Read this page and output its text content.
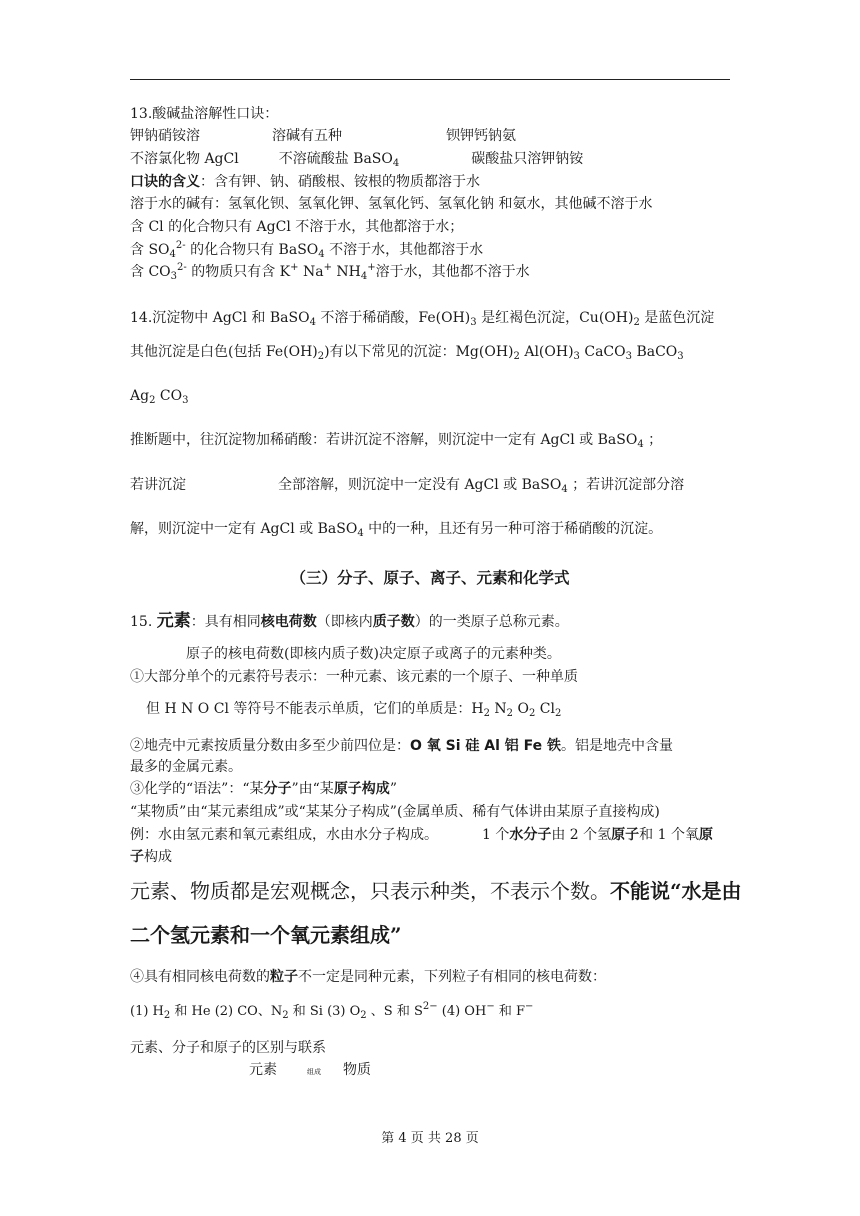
13.酸碱盐溶解性口诀：
钾钠硝铵溶	溶碱有五种	钡钾钙钠氨
不溶氯化物 AgCl	不溶硫酸盐 BaSO$_4$	碳酸盐只溶钾钠铵
口诀的含义：含有钾、钠、硝酸根、铵根的物质都溶于水
溶于水的碱有：氢氧化钡、氢氧化钾、氢氧化钙、氢氧化钠 和氨水，其他碱不溶于水
含 Cl 的化合物只有 AgCl 不溶于水，其他都溶于水；
含 $SO_4^{2-}$ 的化合物只有 BaSO$_4$ 不溶于水，其他都溶于水
含 $CO_3^{2-}$ 的物质只有含 K+ Na+ $NH_4^+$溶于水，其他都不溶于水
14.沉淀物中 AgCl 和 BaSO$_4$ 不溶于稀硝酸，$Fe(OH)_3$ 是红褐色沉淀，$Cu(OH)_2$ 是蓝色沉淀
其他沉淀是白色(包括 $Fe(OH)_2$)有以下常见的沉淀：$Mg(OH)_2$ $Al(OH)_3$ CaCO$_3$ BaCO$_3$
$Ag_2$ $CO_3$
推断题中，往沉淀物加稀硝酸：若讲沉淀不溶解，则沉淀中一定有 AgCl 或 BaSO$_4$ ；
若讲沉淀	全部溶解，则沉淀中一定没有 AgCl 或 BaSO$_4$ ；若讲沉淀部分溶
解，则沉淀中一定有 AgCl 或 BaSO$_4$ 中的一种，且还有另一种可溶于稀硝酸的沉淀。
（三）分子、原子、离子、元素和化学式
15. 元素：具有相同核电荷数（即核内质子数）的一类原子总称元素。
原子的核电荷数(即核内质子数)决定原子或离子的元素种类。
①大部分单个的元素符号表示：一种元素、该元素的一个原子、一种单质
但 H N O Cl 等符号不能表示单质，它们的单质是：$H_2$ $N_2$ $O_2$ $Cl_2$
②地壳中元素按质量分数由多至少前四位是：O 氧 Si 硅 Al 铝 Fe 铁。铝是地壳中含量
最多的金属元素。
③化学的“语法”：“某分子”由“某原子构成”
“某物质”由“某元素组成”或“某某分子构成”(金属单质、稀有气体讲由某原子直接构成)
例：水由氢元素和氧元素组成，水由水分子构成。	1 个水分子由 2 个氢原子和 1 个氧原
子构成
元素、物质都是宏观概念，只表示种类，不表示个数。不能说“水是由
二个氢元素和一个氧元素组成”
④具有相同核电荷数的粒子不一定是同种元素，下列粒子有相同的核电荷数：
(1) $H_2$ 和 He (2) CO、$N_2$ 和 Si (3) $O_2$ 、S 和 $S^{2-}$ (4) OH− 和 F−
元素、分子和原子的区别与联系
元素	组成 物质
第 4 页 共 28 页
